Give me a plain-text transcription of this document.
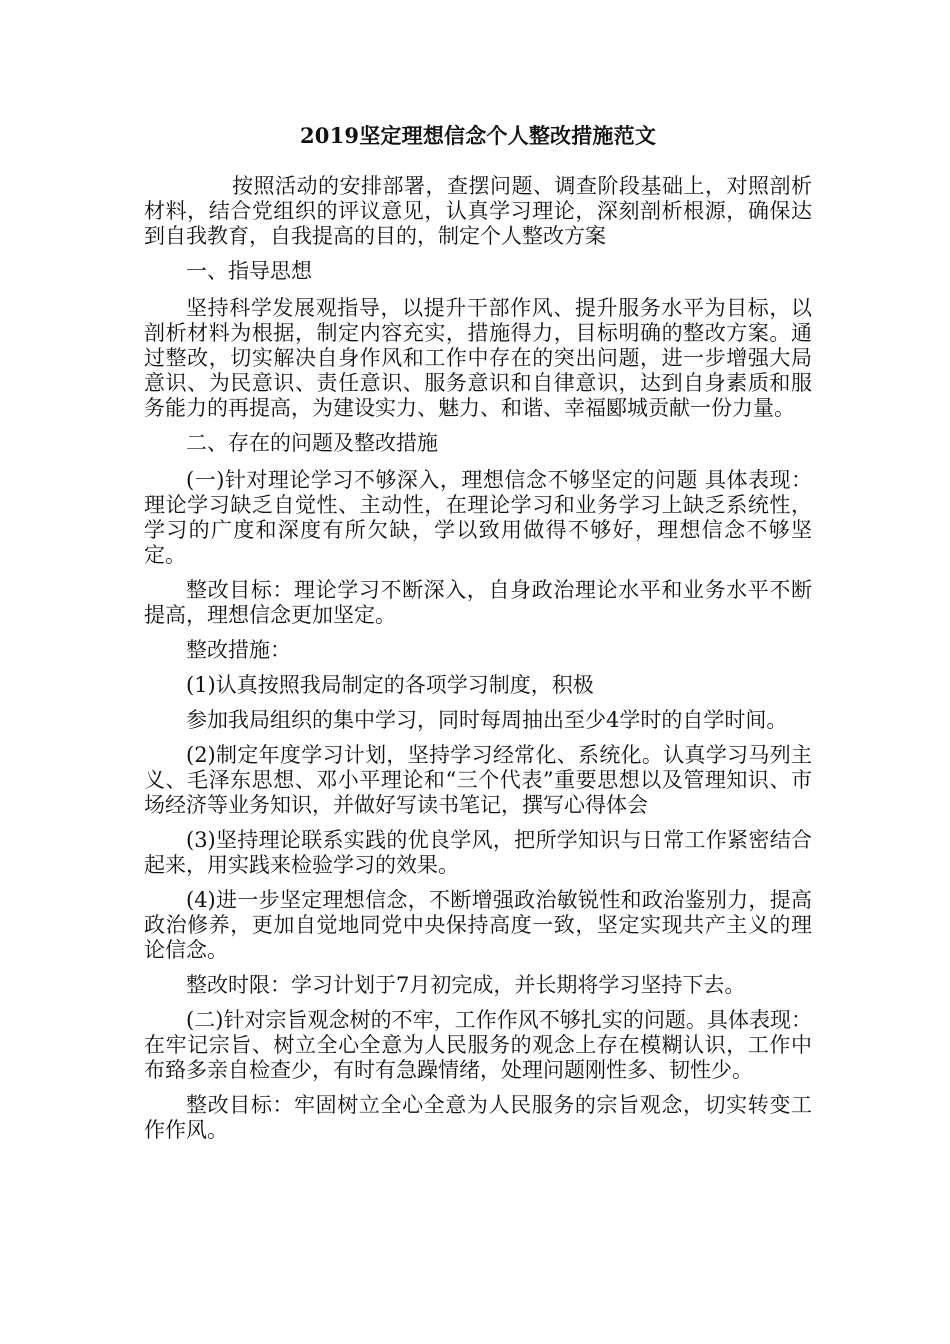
2019坚定理想信念个人整改措施范文

按照活动的安排部署，查摆问题、调查阶段基础上，对照剖析材料，结合党组织的评议意见，认真学习理论，深刻剖析根源，确保达到自我教育，自我提高的目的，制定个人整改方案

一、指导思想

坚持科学发展观指导，以提升干部作风、提升服务水平为目标，以剖析材料为根据，制定内容充实，措施得力，目标明确的整改方案。通过整改，切实解决自身作风和工作中存在的突出问题，进一步增强大局意识、为民意识、责任意识、服务意识和自律意识，达到自身素质和服务能力的再提高，为建设实力、魅力、和谐、幸福郾城贡献一份力量。

二、存在的问题及整改措施

(一)针对理论学习不够深入，理想信念不够坚定的问题 具体表现：理论学习缺乏自觉性、主动性，在理论学习和业务学习上缺乏系统性，学习的广度和深度有所欠缺，学以致用做得不够好，理想信念不够坚定。

整改目标：理论学习不断深入，自身政治理论水平和业务水平不断提高，理想信念更加坚定。

整改措施：

(1)认真按照我局制定的各项学习制度，积极

参加我局组织的集中学习，同时每周抽出至少4学时的自学时间。

(2)制定年度学习计划，坚持学习经常化、系统化。认真学习马列主义、毛泽东思想、邓小平理论和“三个代表”重要思想以及管理知识、市场经济等业务知识，并做好写读书笔记，撰写心得体会

(3)坚持理论联系实践的优良学风，把所学知识与日常工作紧密结合起来，用实践来检验学习的效果。

(4)进一步坚定理想信念，不断增强政治敏锐性和政治鉴别力，提高政治修养，更加自觉地同党中央保持高度一致，坚定实现共产主义的理论信念。

整改时限：学习计划于7月初完成，并长期将学习坚持下去。

(二)针对宗旨观念树的不牢，工作作风不够扎实的问题。具体表现：在牢记宗旨、树立全心全意为人民服务的观念上存在模糊认识，工作中布臵多亲自检查少，有时有急躁情绪，处理问题刚性多、韧性少。

整改目标：牢固树立全心全意为人民服务的宗旨观念，切实转变工作作风。
